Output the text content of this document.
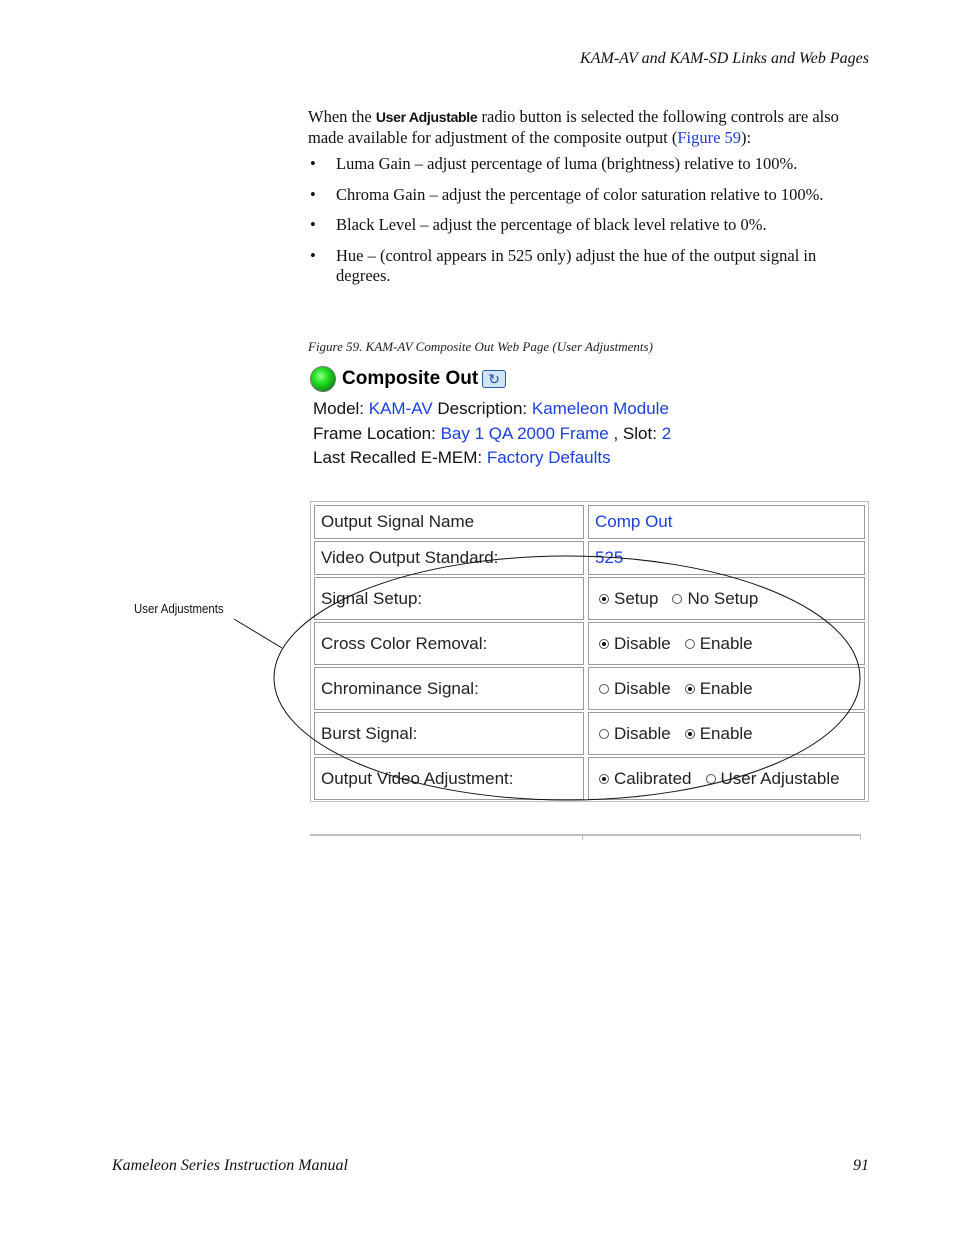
KAM-AV and KAM-SD Links and Web Pages

When the User Adjustable radio button is selected the following controls are also made available for adjustment of the composite output (Figure 59):

• Luma Gain – adjust percentage of luma (brightness) relative to 100%.
• Chroma Gain – adjust the percentage of color saturation relative to 100%.
• Black Level – adjust the percentage of black level relative to 0%.
• Hue – (control appears in 525 only) adjust the hue of the output signal in degrees.
Figure 59. KAM-AV Composite Out Web Page (User Adjustments)
Composite Out ↻
Model: KAM-AV Description: Kameleon Module
Frame Location: Bay 1 QA 2000 Frame , Slot: 2
Last Recalled E-MEM: Factory Defaults
Output Signal Name	Comp Out
Video Output Standard:	525
Signal Setup:	Setup No Setup
Cross Color Removal:	Disable Enable
Chrominance Signal:	Disable Enable
Burst Signal:	Disable Enable
Output Video Adjustment:	Calibrated User Adjustable
User Adjustments
Kameleon Series Instruction Manual	91
